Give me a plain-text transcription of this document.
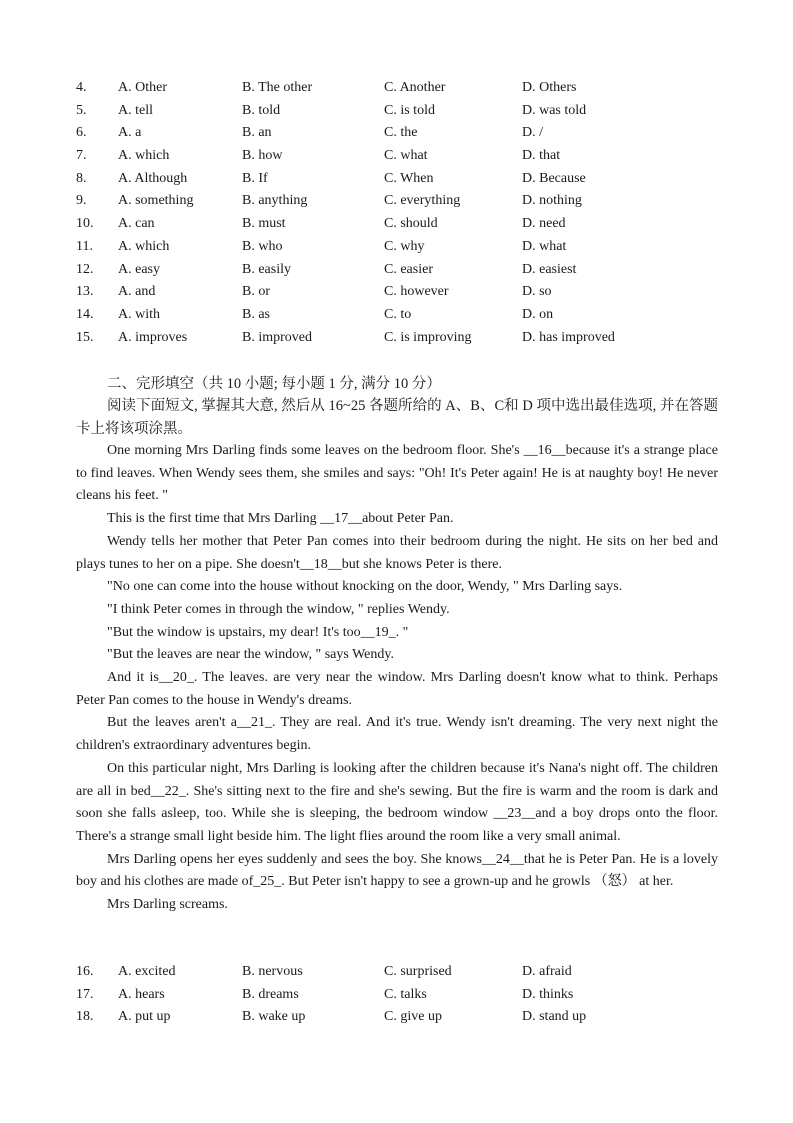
4. A. Other	B. The other	C. Another	D. Others
5. A. tell	B. told	C. is told	D. was told
6. A. a	B. an	C. the	D. /
7. A. which	B. how	C. what	D. that
8. A. Although	B. If	C. When	D. Because
9. A. something	B. anything	C. everything	D. nothing
10. A. can	B. must	C. should	D. need
11. A. which	B. who	C. why	D. what
12. A. easy	B. easily	C. easier	D. easiest
13. A. and	B. or	C. however	D. so
14. A. with	B. as	C. to	D. on
15. A. improves	B. improved	C. is improving	D. has improved
二、完形填空（共 10 小题; 每小题 1 分, 满分 10 分）
阅读下面短文, 掌握其大意, 然后从 16~25 各题所给的 A、B、C和 D 项中选出最佳选项, 并在答题卡上将该项涂黑。

One morning Mrs Darling finds some leaves on the bedroom floor. She's __16__because it's a strange place to find leaves. When Wendy sees them, she smiles and says: "Oh! It's Peter again! He is at naughty boy! He never cleans his feet. "

This is the first time that Mrs Darling __17__about Peter Pan.

Wendy tells her mother that Peter Pan comes into their bedroom during the night. He sits on her bed and plays tunes to her on a pipe. She doesn't__18__but she knows Peter is there.

"No one can come into the house without knocking on the door, Wendy, " Mrs Darling says.

"I think Peter comes in through the window, " replies Wendy.

"But the window is upstairs, my dear! It's too__19_. "

"But the leaves are near the window, " says Wendy.

And it is__20_. The leaves. are very near the window. Mrs Darling doesn't know what to think. Perhaps Peter Pan comes to the house in Wendy's dreams.

But the leaves aren't a__21_. They are real. And it's true. Wendy isn't dreaming. The very next night the children's extraordinary adventures begin.

On this particular night, Mrs Darling is looking after the children because it's Nana's night off. The children are all in bed__22_. She's sitting next to the fire and she's sewing. But the fire is warm and the room is dark and soon she falls asleep, too. While she is sleeping, the bedroom window __23__and a boy drops onto the floor. There's a strange small light beside him. The light flies around the room like a very small animal.

Mrs Darling opens her eyes suddenly and sees the boy. She knows__24__that he is Peter Pan. He is a lovely boy and his clothes are made of_25_. But Peter isn't happy to see a grown-up and he growls （怒） at her.

Mrs Darling screams.

16. A. excited	B. nervous	C. surprised	D. afraid
17. A. hears	B. dreams	C. talks	D. thinks
18. A. put up	B. wake up	C. give up	D. stand up
